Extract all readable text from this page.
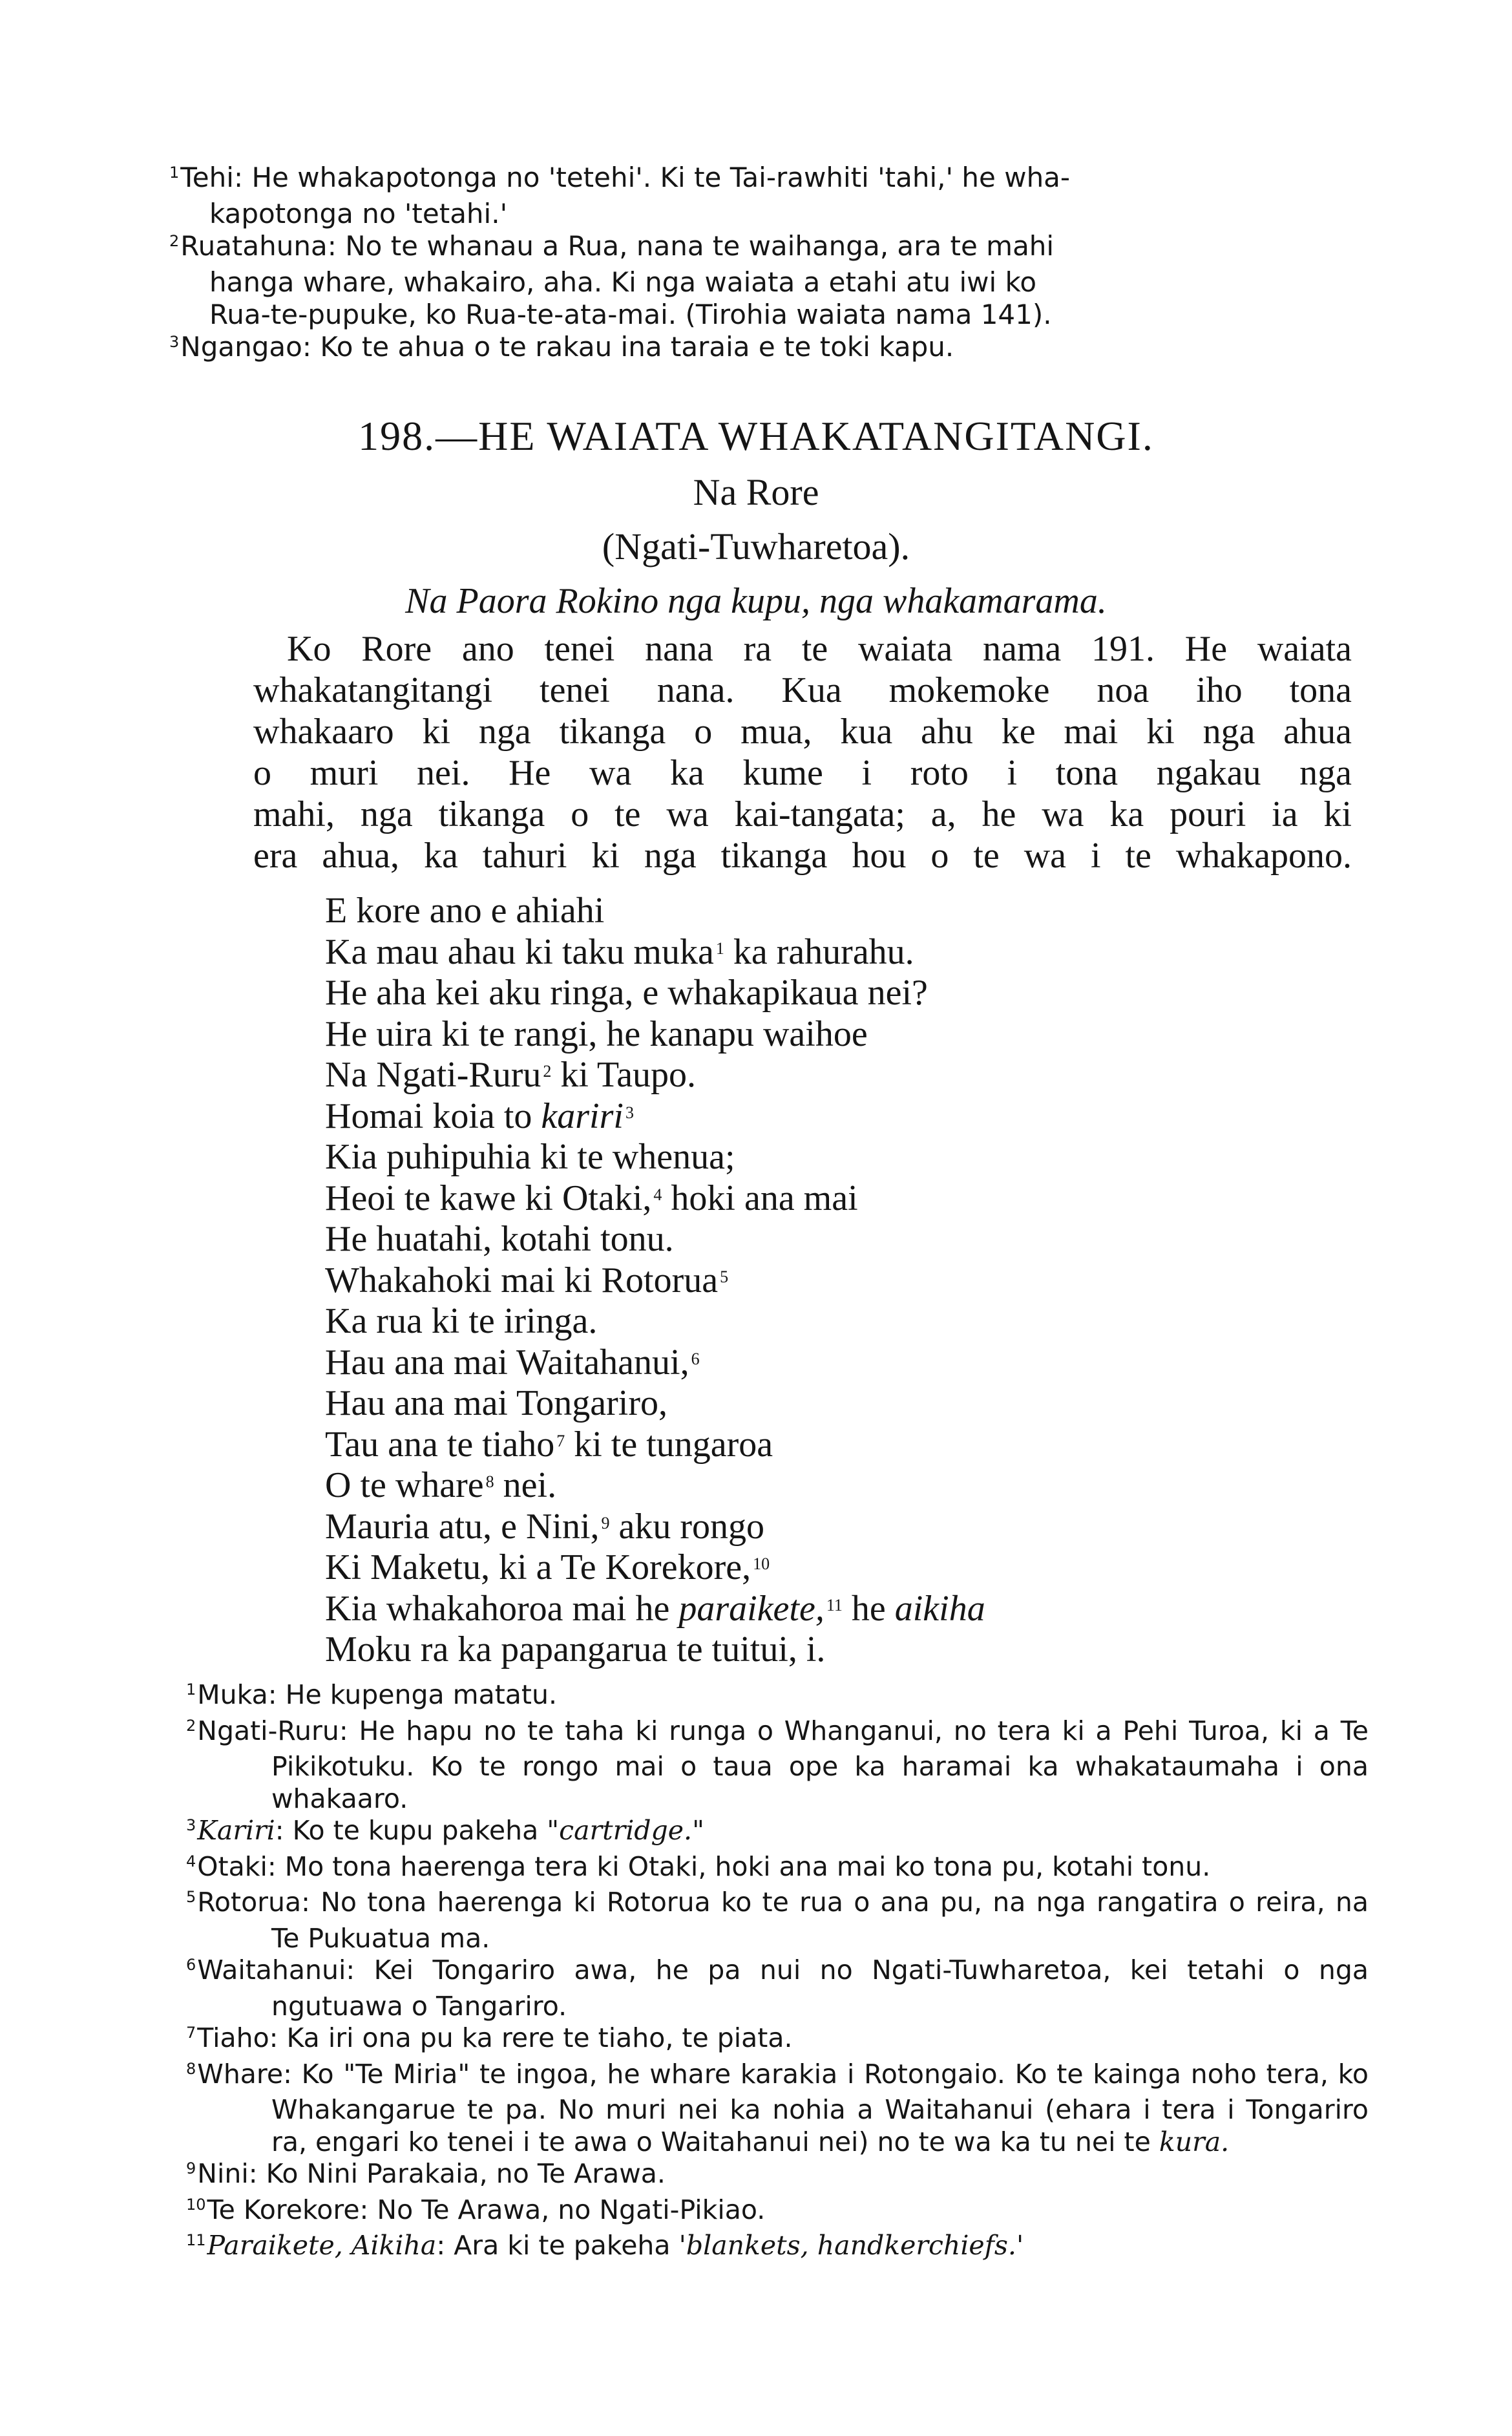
$^1$Tehi: He whakapotonga no 'tetehi'. Ki te Tai-rawhiti 'tahi,' he wha-
kapotonga no 'tetahi.'

$^2$Ruatahuna: No te whanau a Rua, nana te waihanga, ara te mahi
hanga whare, whakairo, aha. Ki nga waiata a etahi atu iwi ko
Rua-te-pupuke, ko Rua-te-ata-mai. (Tirohia waiata nama 141).

$^3$Ngangao: Ko te ahua o te rakau ina taraia e te toki kapu.

198.—HE WAIATA WHAKATANGITANGI.
Na Rore
(Ngati-Tuwharetoa).
Na Paora Rokino nga kupu, nga whakamarama.
Ko Rore ano tenei nana ra te waiata nama 191. He waiata
whakatangitangi tenei nana. Kua mokemoke noa iho tona
whakaaro ki nga tikanga o mua, kua ahu ke mai ki nga ahua
o muri nei. He wa ka kume i roto i tona ngakau nga
mahi, nga tikanga o te wa kai-tangata; a, he wa ka pouri ia ki
era ahua, ka tahuri ki nga tikanga hou o te wa i te whakapono.
E kore ano e ahiahi
Ka mau ahau ki taku muka $^1$ ka rahurahu.
He aha kei aku ringa, e whakapikaua nei?
He uira ki te rangi, he kanapu waihoe
Na Ngati-Ruru $^2$ ki Taupo.
Homai koia to kariri $^3$
Kia puhipuhia ki te whenua;
Heoi te kawe ki Otaki, $^4$ hoki ana mai
He huatahi, kotahi tonu.
Whakahoki mai ki Rotorua $^5$
Ka rua ki te iringa.
Hau ana mai Waitahanui, $^6$
Hau ana mai Tongariro,
Tau ana te tiaho $^7$ ki te tungaroa
O te whare $^8$ nei.
Mauria atu, e Nini, $^9$ aku rongo
Ki Maketu, ki a Te Korekore, $^{10}$
Kia whakahoroa mai he paraikete, $^{11}$ he aikiha
Moku ra ka papangarua te tuitui, i.

$^1$Muka: He kupenga matatu.

$^2$Ngati-Ruru: He hapu no te taha ki runga o Whanganui, no tera ki a Pehi Turoa, ki a Te Pikikotuku. Ko te rongo mai o taua ope ka haramai ka whakataumaha i ona whakaaro.

$^3$Kariri: Ko te kupu pakeha "cartridge."

$^4$Otaki: Mo tona haerenga tera ki Otaki, hoki ana mai ko tona pu, kotahi tonu.

$^5$Rotorua: No tona haerenga ki Rotorua ko te rua o ana pu, na nga rangatira o reira, na Te Pukuatua ma.

$^6$Waitahanui: Kei Tongariro awa, he pa nui no Ngati-Tuwharetoa, kei tetahi o nga ngutuawa o Tangariro.

$^7$Tiaho: Ka iri ona pu ka rere te tiaho, te piata.

$^8$Whare: Ko "Te Miria" te ingoa, he whare karakia i Rotongaio. Ko te kainga noho tera, ko Whakangarue te pa. No muri nei ka nohia a Waitahanui (ehara i tera i Tongariro ra, engari ko tenei i te awa o Waitahanui nei) no te wa ka tu nei te kura.

$^9$Nini: Ko Nini Parakaia, no Te Arawa.

$^{10}$Te Korekore: No Te Arawa, no Ngati-Pikiao.

$^{11}$Paraikete, Aikiha: Ara ki te pakeha 'blankets, handkerchiefs.'
